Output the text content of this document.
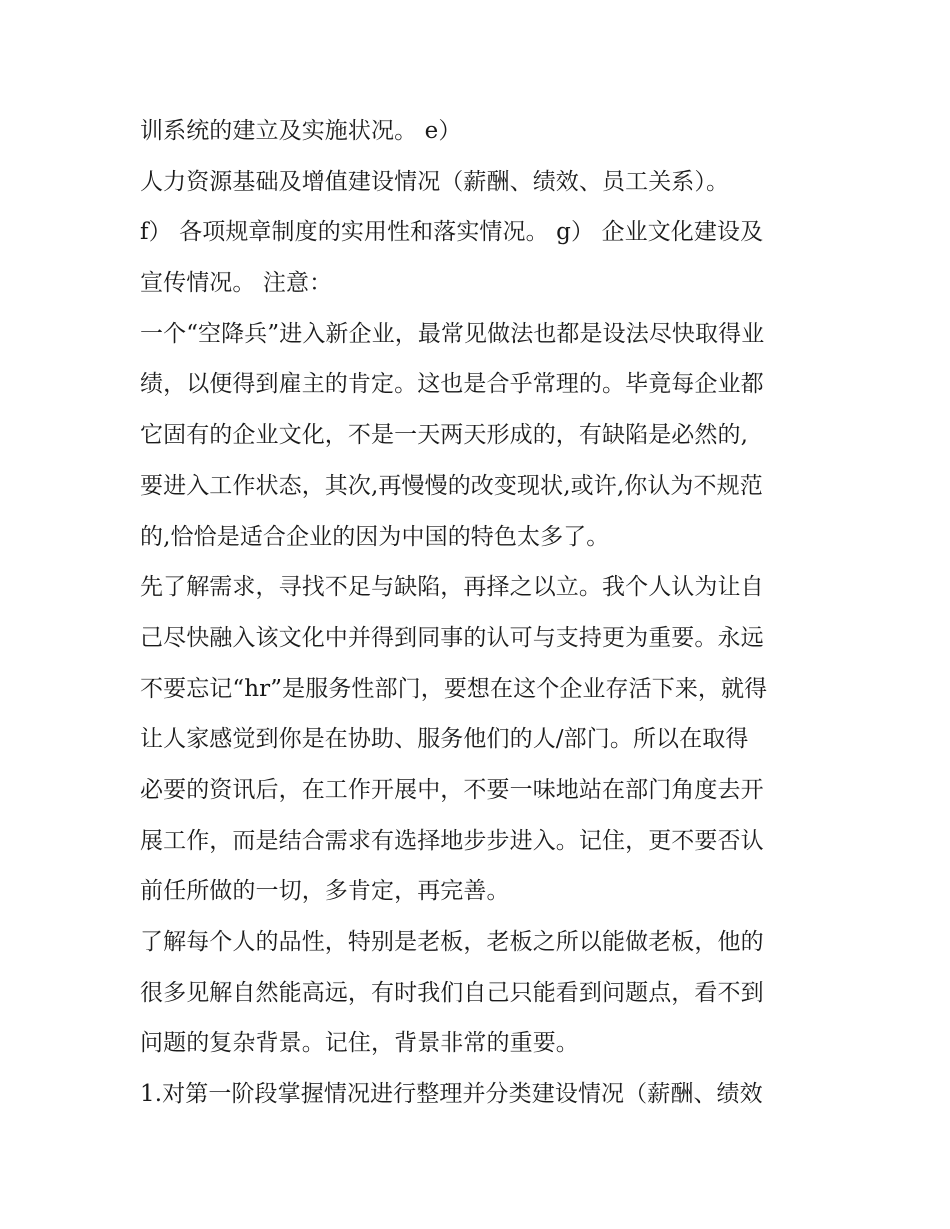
训系统的建立及实施状况。 e）
人力资源基础及增值建设情况（薪酬、绩效、员工关系）。
f） 各项规章制度的实用性和落实情况。 g） 企业文化建设及
宣传情况。 注意：
一个“空降兵”进入新企业，最常见做法也都是设法尽快取得业
绩，以便得到雇主的肯定。这也是合乎常理的。毕竟每企业都
它固有的企业文化，不是一天两天形成的，有缺陷是必然的,
要进入工作状态，其次,再慢慢的改变现状,或许,你认为不规范
的,恰恰是适合企业的因为中国的特色太多了。
先了解需求，寻找不足与缺陷，再择之以立。我个人认为让自
己尽快融入该文化中并得到同事的认可与支持更为重要。永远
不要忘记“hr”是服务性部门，要想在这个企业存活下来，就得
让人家感觉到你是在协助、服务他们的人/部门。所以在取得
必要的资讯后，在工作开展中，不要一味地站在部门角度去开
展工作，而是结合需求有选择地步步进入。记住，更不要否认
前任所做的一切，多肯定，再完善。
了解每个人的品性，特别是老板，老板之所以能做老板，他的
很多见解自然能高远，有时我们自己只能看到问题点，看不到
问题的复杂背景。记住，背景非常的重要。
1.对第一阶段掌握情况进行整理并分类建设情况（薪酬、绩效
